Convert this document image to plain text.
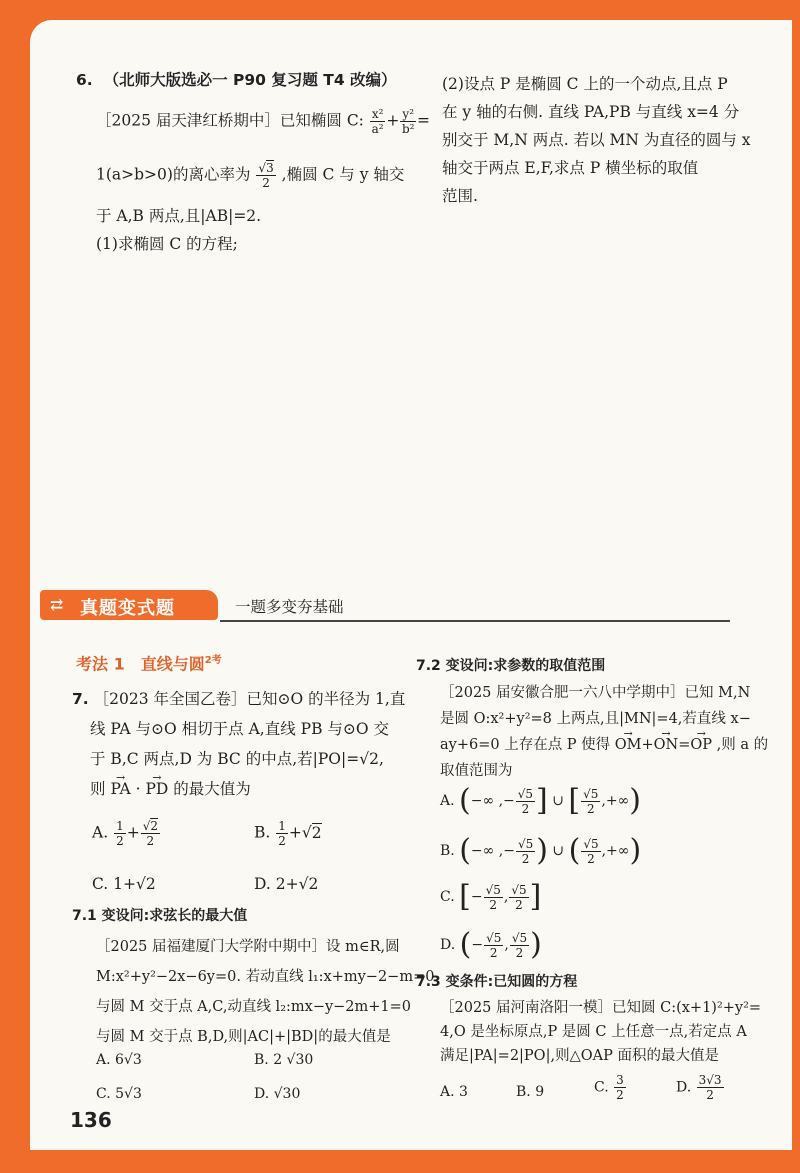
6. （北师大版选必一 P90 复习题 T4 改编）
［2025 届天津红桥期中］已知椭圆 C: $\frac{\text{x²}}{\text{a²}} + \frac{\text{y²}}{\text{b²}}$ =
1(a>b>0)的离心率为 $\frac{√3}{2}$ ,椭圆 C 与 y 轴交
于 A,B 两点,且|AB|=2.
(1)求椭圆 C 的方程;
(2)设点 P 是椭圆 C 上的一个动点,且点 P
在 y 轴的右侧. 直线 PA,PB 与直线 x=4 分
别交于 M,N 两点. 若以 MN 为直径的圆与 x
轴交于两点 E,F,求点 P 横坐标的取值
范围.
⇄ 真题变式题	一题多变夯基础
考法 1　直线与圆$^{2考}$
7. ［2023 年全国乙卷］已知⊙O 的半径为 1,直
线 PA 与⊙O 相切于点 A,直线 PB 与⊙O 交
于 B,C 两点,D 为 BC 的中点,若|PO|=√2,
则 → PA · → PD 的最大值为
A. $\frac{1}{2} + \frac{√2}{2}$	B. $\frac{1}{2} +√2$
C. 1+√2	D. 2+√2
7.1 变设问:求弦长的最大值
［2025 届福建厦门大学附中期中］设 m∈R,圆
M:x²+y²−2x−6y=0. 若动直线 l₁:x+my−2−m=0
与圆 M 交于点 A,C,动直线 l₂:mx−y−2m+1=0
与圆 M 交于点 B,D,则|AC|+|BD|的最大值是
A. 6√3	B. 2 √30
C. 5√3	D. √30
7.2 变设问:求参数的取值范围
［2025 届安徽合肥一六八中学期中］已知 M,N
是圆 O:x²+y²=8 上两点,且|MN|=4,若直线 x−
ay+6=0 上存在点 P 使得 → OM+→ ON=→ OP ,则 a 的
取值范围为
A. (−∞ ,− $\frac{√5}{2}$ ] ∪ [ $\frac{√5}{2}$ ,+∞)
B. (−∞ ,− $\frac{√5}{2}$ ) ∪ ( $\frac{√5}{2}$ ,+∞)
C. [− $\frac{√5}{2}$ , $\frac{√5}{2}$ ]
D. (− $\frac{√5}{2}$ , $\frac{√5}{2}$ )
7.3 变条件:已知圆的方程
［2025 届河南洛阳一模］已知圆 C:(x+1)²+y²=
4,O 是坐标原点,P 是圆 C 上任意一点,若定点 A
满足|PA|=2|PO|,则△OAP 面积的最大值是
A. 3	B. 9	C. $\frac{3}{2}$	D. $\frac{3√3}{2}$
136
